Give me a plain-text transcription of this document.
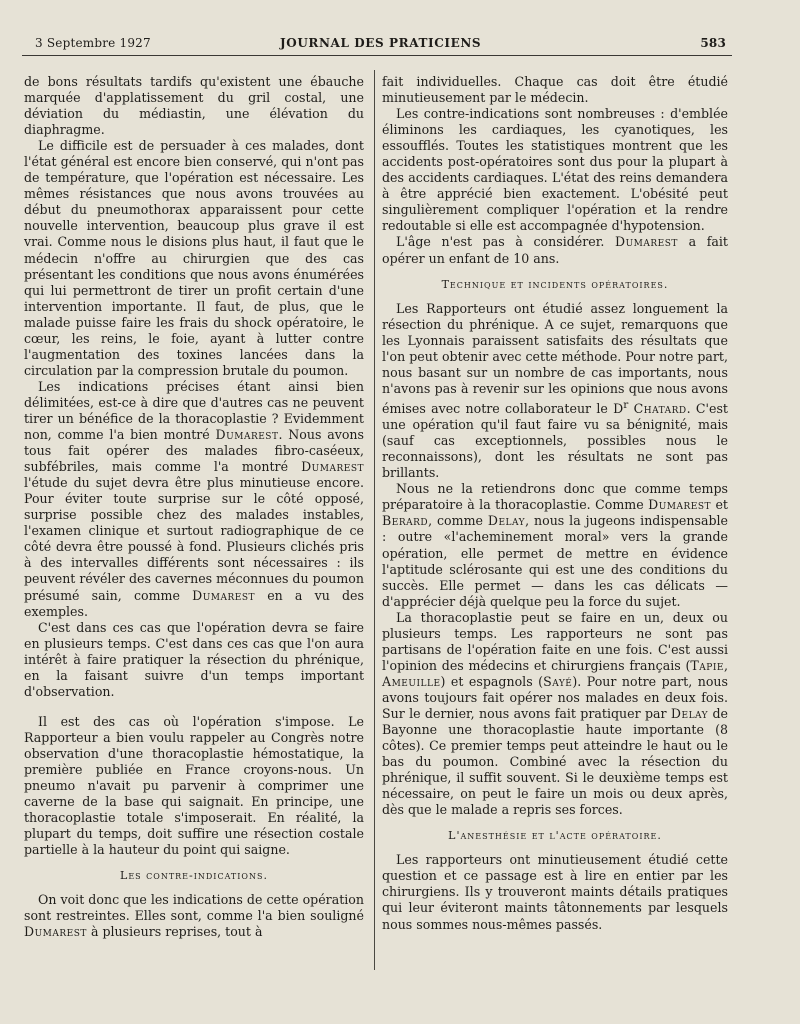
3 Septembre 1927	JOURNAL DES PRATICIENS	583

de bons résultats tardifs qu'existent une ébauche marquée d'applatissement du gril costal, une déviation du médiastin, une élévation du diaphragme.

Le difficile est de persuader à ces malades, dont l'état général est encore bien conservé, qui n'ont pas de température, que l'opération est nécessaire. Les mêmes résistances que nous avons trouvées au début du pneumothorax apparaissent pour cette nouvelle intervention, beaucoup plus grave il est vrai. Comme nous le disions plus haut, il faut que le médecin n'offre au chirurgien que des cas présentant les conditions que nous avons énumérées qui lui permettront de tirer un profit certain d'une intervention importante. Il faut, de plus, que le malade puisse faire les frais du shock opératoire, le cœur, les reins, le foie, ayant à lutter contre l'augmentation des toxines lancées dans la circulation par la compression brutale du poumon.

Les indications précises étant ainsi bien délimitées, est-ce à dire que d'autres cas ne peuvent tirer un bénéfice de la thoracoplastie ? Evidemment non, comme l'a bien montré Dumarest. Nous avons tous fait opérer des malades fibro-caséeux, subfébriles, mais comme l'a montré Dumarest l'étude du sujet devra être plus minutieuse encore. Pour éviter toute surprise sur le côté opposé, surprise possible chez des malades instables, l'examen clinique et surtout radiographique de ce côté devra être poussé à fond. Plusieurs clichés pris à des intervalles différents sont nécessaires : ils peuvent révéler des cavernes méconnues du poumon présumé sain, comme Dumarest en a vu des exemples.

C'est dans ces cas que l'opération devra se faire en plusieurs temps. C'est dans ces cas que l'on aura intérêt à faire pratiquer la résection du phrénique, en la faisant suivre d'un temps important d'observation.

Il est des cas où l'opération s'impose. Le Rapporteur a bien voulu rappeler au Congrès notre observation d'une thoracoplastie hémostatique, la première publiée en France croyons-nous. Un pneumo n'avait pu parvenir à comprimer une caverne de la base qui saignait. En principe, une thoracoplastie totale s'imposerait. En réalité, la plupart du temps, doit suffire une résection costale partielle à la hauteur du point qui saigne.

Les contre-indications.

On voit donc que les indications de cette opération sont restreintes. Elles sont, comme l'a bien souligné Dumarest à plusieurs reprises, tout à

fait individuelles. Chaque cas doit être étudié minutieusement par le médecin.

Les contre-indications sont nombreuses : d'emblée éliminons les cardiaques, les cyanotiques, les essoufflés. Toutes les statistiques montrent que les accidents post-opératoires sont dus pour la plupart à des accidents cardiaques. L'état des reins demandera à être apprécié bien exactement. L'obésité peut singulièrement compliquer l'opération et la rendre redoutable si elle est accompagnée d'hypotension.

L'âge n'est pas à considérer. Dumarest a fait opérer un enfant de 10 ans.

Technique et incidents opératoires.

Les Rapporteurs ont étudié assez longuement la résection du phrénique. A ce sujet, remarquons que les Lyonnais paraissent satisfaits des résultats que l'on peut obtenir avec cette méthode. Pour notre part, nous basant sur un nombre de cas importants, nous n'avons pas à revenir sur les opinions que nous avons émises avec notre collaborateur le $D^r$ Chatard. C'est une opération qu'il faut faire vu sa bénignité, mais (sauf cas exceptionnels, possibles nous le reconnaissons), dont les résultats ne sont pas brillants.

Nous ne la retiendrons donc que comme temps préparatoire à la thoracoplastie. Comme Dumarest et Berard, comme Delay, nous la jugeons indispensable : outre «l'acheminement moral» vers la grande opération, elle permet de mettre en évidence l'aptitude sclérosante qui est une des conditions du succès. Elle permet — dans les cas délicats — d'apprécier déjà quelque peu la force du sujet.

La thoracoplastie peut se faire en un, deux ou plusieurs temps. Les rapporteurs ne sont pas partisans de l'opération faite en une fois. C'est aussi l'opinion des médecins et chirurgiens français (Tapie, Ameuille) et espagnols (Sayé). Pour notre part, nous avons toujours fait opérer nos malades en deux fois. Sur le dernier, nous avons fait pratiquer par Delay de Bayonne une thoracoplastie haute importante (8 côtes). Ce premier temps peut atteindre le haut ou le bas du poumon. Combiné avec la résection du phrénique, il suffit souvent. Si le deuxième temps est nécessaire, on peut le faire un mois ou deux après, dès que le malade a repris ses forces.

L'anesthésie et l'acte opératoire.

Les rapporteurs ont minutieusement étudié cette question et ce passage est à lire en entier par les chirurgiens. Ils y trouveront maints détails pratiques qui leur éviteront maints tâtonnements par lesquels nous sommes nous-mêmes passés.
